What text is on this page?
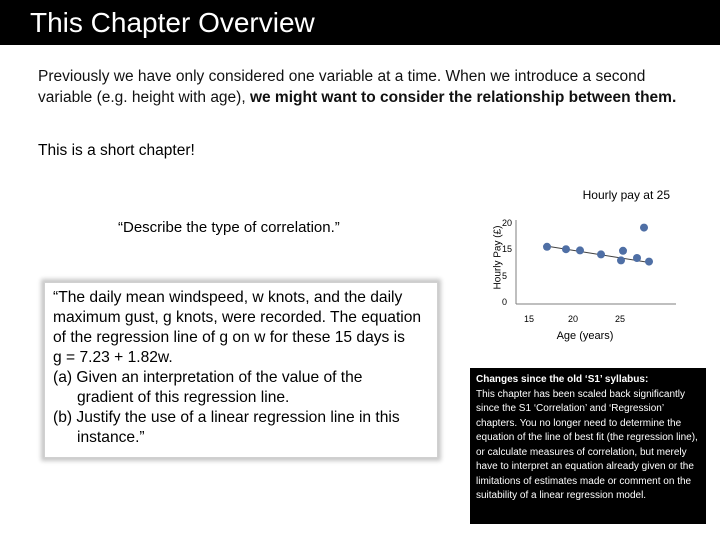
This Chapter Overview
Previously we have only considered one variable at a time. When we introduce a second variable (e.g. height with age), we might want to consider the relationship between them.
This is a short chapter!
“Describe the type of correlation.”
“The daily mean windspeed, w knots, and the daily
maximum gust, g knots, were recorded. The equation
of the regression line of g on w for these 15 days is
g = 7.23 + 1.82w.
(a) Given an interpretation of the value of the
gradient of this regression line.
(b) Justify the use of a linear regression line in this
instance.”
Hourly pay at 25
Hourly Pay (£)
20
15
5
0
15	20	25
Age (years)
Changes since the old ‘S1’ syllabus:
This chapter has been scaled back significantly since the S1 ‘Correlation’ and ‘Regression’ chapters. You no longer need to determine the equation of the line of best fit (the regression line), or calculate measures of correlation, but merely have to interpret an equation already given or the limitations of estimates made or comment on the suitability of a linear regression model.
